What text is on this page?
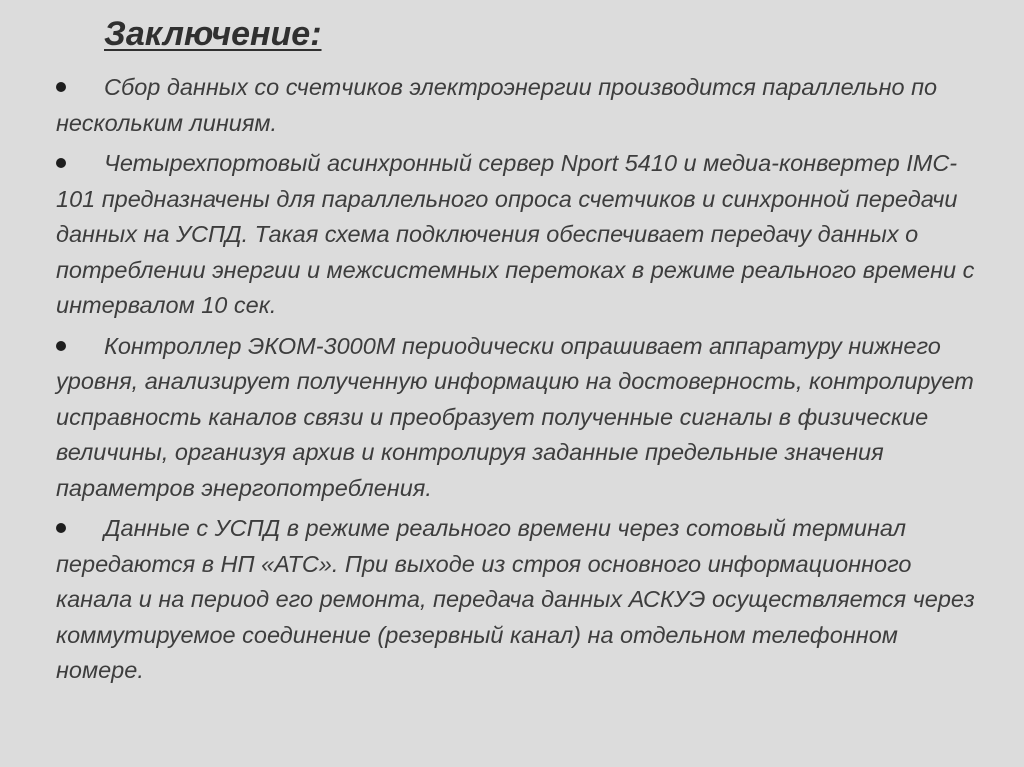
Заключение:
Сбор данных со счетчиков электроэнергии производится параллельно по нескольким линиям.
Четырехпортовый асинхронный сервер Nport 5410 и медиа-конвертер IMC-101 предназначены для параллельного опроса счетчиков и синхронной передачи данных на УСПД. Такая схема подключения обеспечивает передачу данных о потреблении энергии и межсистемных перетоках в режиме реального времени с интервалом 10 сек.
Контроллер ЭКОМ-3000М периодически опрашивает аппаратуру нижнего уровня, анализирует полученную информацию на достоверность, контролирует исправность каналов связи и преобразует полученные сигналы в физические величины, организуя архив и контролируя заданные предельные значения параметров энергопотребления.
Данные с УСПД в режиме реального времени через сотовый терминал передаются в НП «АТС». При выходе из строя основного информационного канала и на период его ремонта, передача данных АСКУЭ осуществляется через коммутируемое соединение (резервный канал) на отдельном телефонном номере.
